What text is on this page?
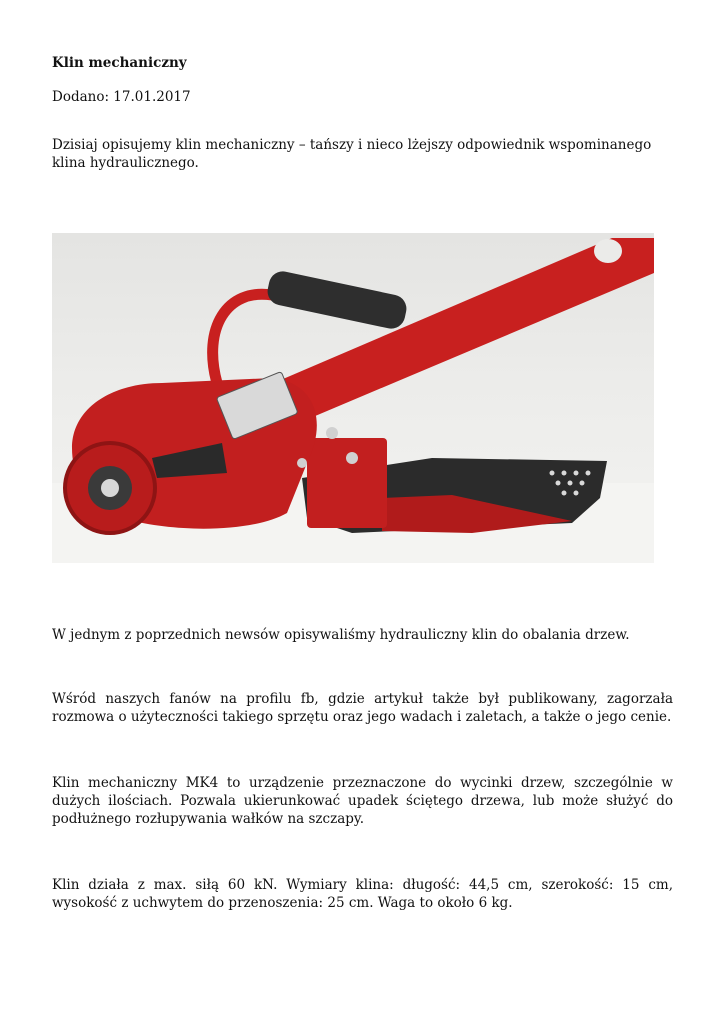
Klin mechaniczny

Dodano: 17.01.2017

Dzisiaj opisujemy klin mechaniczny – tańszy i nieco lżejszy odpowiednik wspominanego klina hydraulicznego.

W jednym z poprzednich newsów opisywaliśmy hydrauliczny klin do obalania drzew.

Wśród naszych fanów na profilu fb, gdzie artykuł także był publikowany, zagorzała rozmowa o użyteczności takiego sprzętu oraz jego wadach i zaletach, a także o jego cenie.

Klin mechaniczny MK4 to urządzenie przeznaczone do wycinki drzew, szczególnie w dużych ilościach. Pozwala ukierunkować upadek ściętego drzewa, lub może służyć do podłużnego rozłupywania wałków na szczapy.

Klin działa z max. siłą 60 kN. Wymiary klina: długość: 44,5 cm, szerokość: 15 cm, wysokość z uchwytem do przenoszenia: 25 cm. Waga to około 6 kg.
